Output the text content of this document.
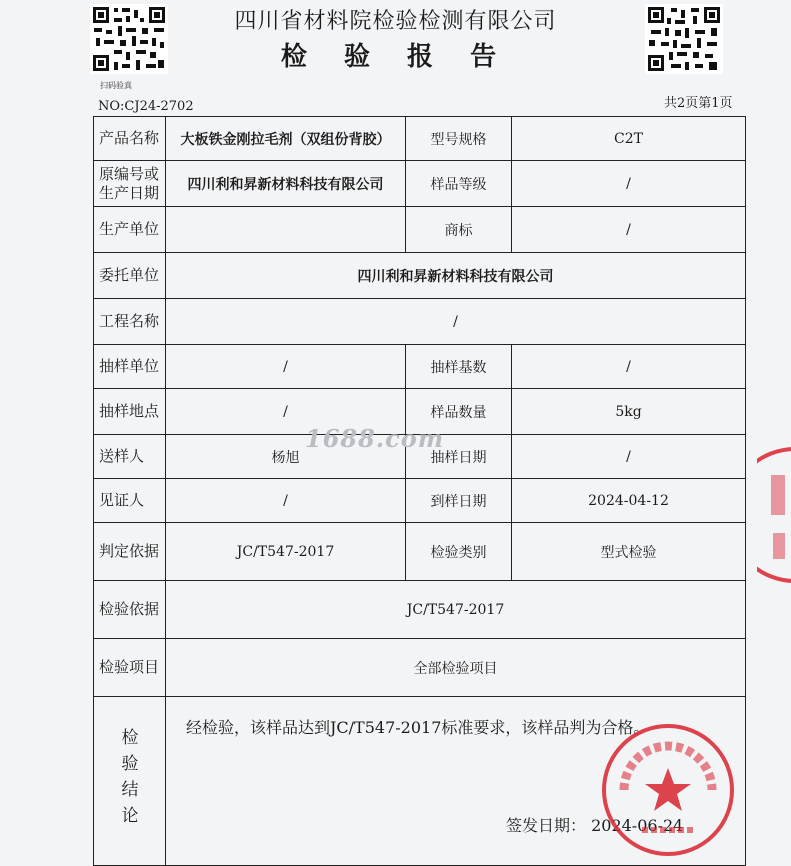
扫码验真
四川省材料院检验检测有限公司
检 验 报 告
NO:CJ24-2702	共2页第1页
产品名称	大板铁金刚拉毛剂（双组份背胶）	型号规格	C2T
原编号或生产日期	四川利和昇新材料科技有限公司	样品等级	/
生产单位		商标	/
委托单位	四川利和昇新材料科技有限公司		
工程名称	/		
抽样单位	/	抽样基数	/
抽样地点	/	样品数量	5kg
送样人	杨旭	抽样日期	/
见证人	/	到样日期	2024-04-12
判定依据	JC/T547-2017	检验类别	型式检验
检验依据	JC/T547-2017		
检验项目	全部检验项目		

检验结论	经检验，该样品达到JC/T547-2017标准要求，该样品判为合格。
签发日期： 2024-06-24		
1688.com
